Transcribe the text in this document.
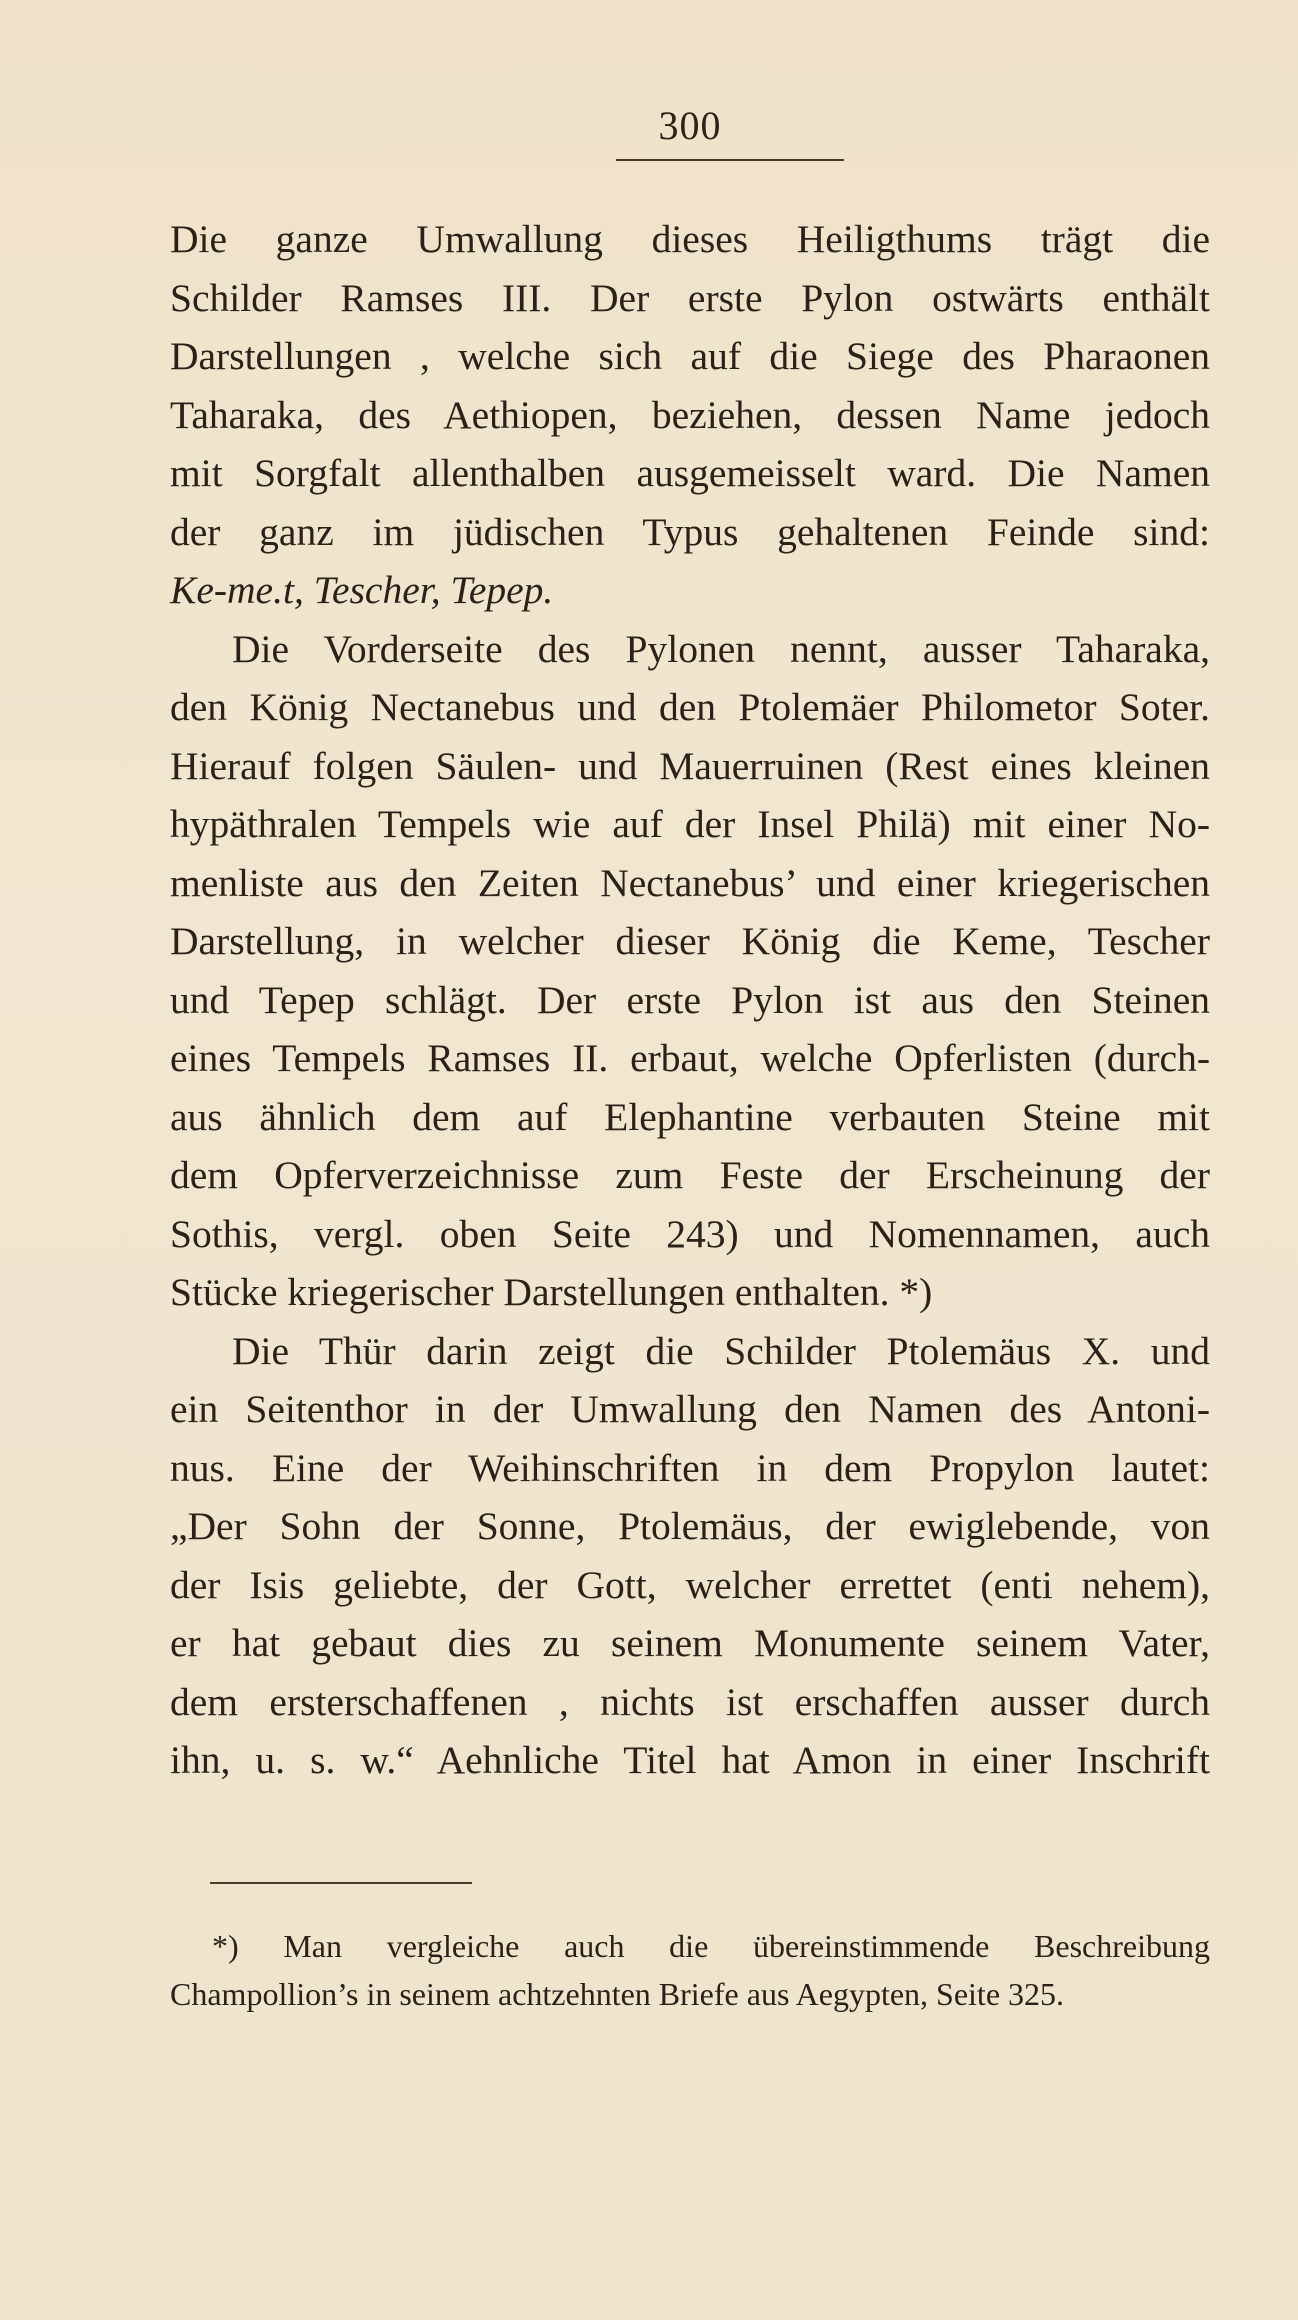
300
Die ganze Umwallung dieses Heiligthums trägt die
Schilder Ramses III. Der erste Pylon ostwärts enthält
Darstellungen , welche sich auf die Siege des Pharaonen
Taharaka, des Aethiopen, beziehen, dessen Name jedoch
mit Sorgfalt allenthalben ausgemeisselt ward. Die Namen
der ganz im jüdischen Typus gehaltenen Feinde sind:
Ke-me.t, Tescher, Tepep.
Die Vorderseite des Pylonen nennt, ausser Taharaka,
den König Nectanebus und den Ptolemäer Philometor Soter.
Hierauf folgen Säulen- und Mauerruinen (Rest eines kleinen
hypäthralen Tempels wie auf der Insel Philä) mit einer No-
menliste aus den Zeiten Nectanebus’ und einer kriegerischen
Darstellung, in welcher dieser König die Keme, Tescher
und Tepep schlägt. Der erste Pylon ist aus den Steinen
eines Tempels Ramses II. erbaut, welche Opferlisten (durch-
aus ähnlich dem auf Elephantine verbauten Steine mit
dem Opferverzeichnisse zum Feste der Erscheinung der
Sothis, vergl. oben Seite 243) und Nomennamen, auch
Stücke kriegerischer Darstellungen enthalten. *)
Die Thür darin zeigt die Schilder Ptolemäus X. und
ein Seitenthor in der Umwallung den Namen des Antoni-
nus. Eine der Weihinschriften in dem Propylon lautet:
„Der Sohn der Sonne, Ptolemäus, der ewiglebende, von
der Isis geliebte, der Gott, welcher errettet (enti nehem),
er hat gebaut dies zu seinem Monumente seinem Vater,
dem ersterschaffenen , nichts ist erschaffen ausser durch
ihn, u. s. w.“ Aehnliche Titel hat Amon in einer Inschrift
*) Man vergleiche auch die übereinstimmende Beschreibung
Champollion’s in seinem achtzehnten Briefe aus Aegypten, Seite 325.
